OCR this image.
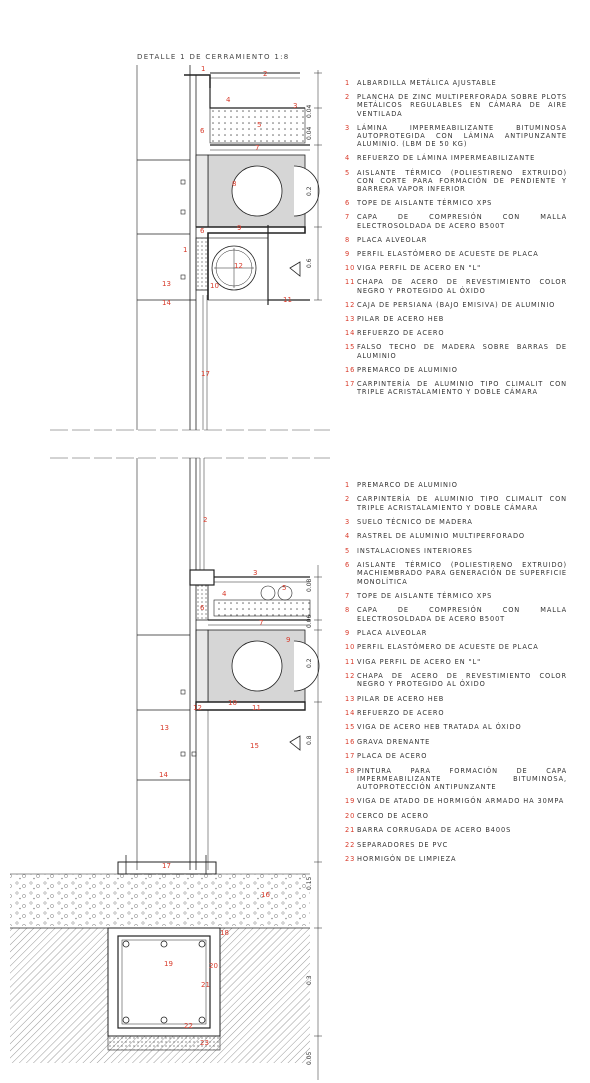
DETALLE 1 DE CERRAMIENTO 1:8
1
2
4
3
5
6
8
7
6	9
12
10
11
13
14
17
1
2
3
4
5
6
7
9
12
10
11
13
15
14
17
16
18
19	20
21
22
23
0.04
0.04
0.2
0.6
0.08
0.06
0.2
0.8
0.15
0.3
0.05
1	ALBARDILLA METÁLICA AJUSTABLE
2	PLANCHA DE ZINC MULTIPERFORADA SOBRE PLOTS METÁLICOS REGULABLES EN CÁMARA DE AIRE VENTILADA
3	LÁMINA IMPERMEABILIZANTE BITUMINOSA AUTOPROTEGIDA CON LÁMINA ANTIPUNZANTE ALUMINIO. (LBM DE 50 KG)
4	REFUERZO DE LÁMINA IMPERMEABILIZANTE
5	AISLANTE TÉRMICO (POLIESTIRENO EXTRUIDO) CON CORTE PARA FORMACIÓN DE PENDIENTE Y BARRERA VAPOR INFERIOR
6	TOPE DE AISLANTE TÉRMICO XPS
7	CAPA DE COMPRESIÓN CON MALLA ELECTROSOLDADA DE ACERO B500T
8	PLACA ALVEOLAR
9	PERFIL ELASTÓMERO DE ACUESTE DE PLACA
10 VIGA PERFIL DE ACERO EN "L"
11 CHAPA DE ACERO DE REVESTIMIENTO COLOR NEGRO Y PROTEGIDO AL ÓXIDO
12 CAJA DE PERSIANA (BAJO EMISIVA) DE ALUMINIO
13 PILAR DE ACERO HEB
14 REFUERZO DE ACERO
15 FALSO TECHO DE MADERA SOBRE BARRAS DE ALUMINIO
16 PREMARCO DE ALUMINIO
17 CARPINTERÍA DE ALUMINIO TIPO CLIMALIT CON TRIPLE ACRISTALAMIENTO Y DOBLE CÁMARA
1	PREMARCO DE ALUMINIO
2	CARPINTERÍA DE ALUMINIO TIPO CLIMALIT CON TRIPLE ACRISTALAMIENTO Y DOBLE CÁMARA
3	SUELO TÉCNICO DE MADERA
4	RASTREL DE ALUMINIO MULTIPERFORADO
5	INSTALACIONES INTERIORES
6	AISLANTE TÉRMICO (POLIESTIRENO EXTRUIDO) MACHIEMBRADO PARA GENERACIÓN DE SUPERFICIE MONOLÍTICA
7	TOPE DE AISLANTE TÉRMICO XPS
8	CAPA DE COMPRESIÓN CON MALLA ELECTROSOLDADA DE ACERO B500T
9	PLACA ALVEOLAR
10 PERFIL ELASTÓMERO DE ACUESTE DE PLACA
11 VIGA PERFIL DE ACERO EN "L"
12 CHAPA DE ACERO DE REVESTIMIENTO COLOR NEGRO Y PROTEGIDO AL ÓXIDO
13 PILAR DE ACERO HEB
14 REFUERZO DE ACERO
15 VIGA DE ACERO HEB TRATADA AL ÓXIDO
16 GRAVA DRENANTE
17 PLACA DE ACERO
18 PINTURA PARA FORMACIÓN DE CAPA IMPERMEABILIZANTE BITUMINOSA, AUTOPROTECCIÓN ANTIPUNZANTE
19 VIGA DE ATADO DE HORMIGÓN ARMADO HA 30MPA
20 CERCO DE ACERO
21 BARRA CORRUGADA DE ACERO B400S
22 SEPARADORES DE PVC
23 HORMIGÓN DE LIMPIEZA
